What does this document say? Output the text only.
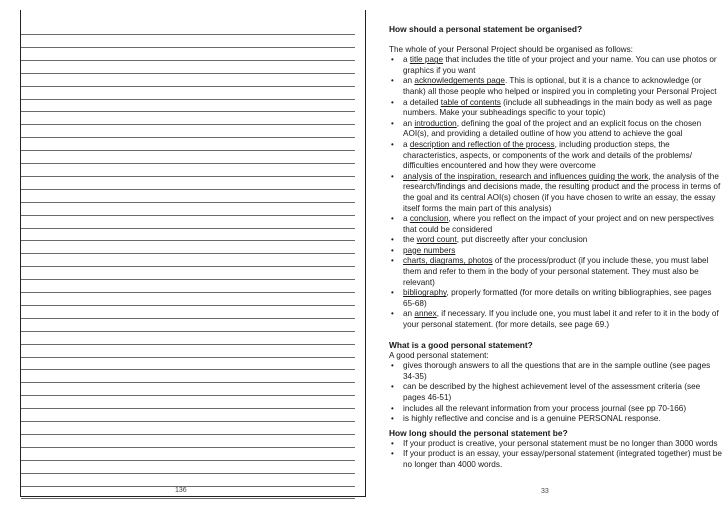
136
How should a personal statement be organised?
The whole of your Personal Project should be organised as follows:
• a title page that includes the title of your project and your name. You can use photos or graphics if you want
• an acknowledgements page. This is optional, but it is a chance to acknowledge (or thank) all those people who helped or inspired you in completing your Personal Project
• a detailed table of contents (include all subheadings in the main body as well as page numbers. Make your subheadings specific to your topic)
• an introduction, defining the goal of the project and an explicit focus on the chosen AOI(s), and providing a detailed outline of how you attend to achieve the goal
• a description and reflection of the process, including production steps, the characteristics, aspects, or components of the work and details of the problems/ difficulties encountered and how they were overcome
• analysis of the inspiration, research and influences guiding the work, the analysis of the research/findings and decisions made, the resulting product and the process in terms of the goal and its central AOI(s) chosen (if you have chosen to write an essay, the essay itself forms the main part of this analysis)
• a conclusion, where you reflect on the impact of your project and on new perspectives that could be considered
• the word count, put discreetly after your conclusion
• page numbers
• charts, diagrams, photos of the process/product (if you include these, you must label them and refer to them in the body of your personal statement. They must also be relevant)
• bibliography, properly formatted (for more details on writing bibliographies, see pages 65-68)
• an annex, if necessary. If you include one, you must label it and refer to it in the body of your personal statement. (for more details, see page 69.)
What is a good personal statement?
A good personal statement:
• gives thorough answers to all the questions that are in the sample outline (see pages 34-35)
• can be described by the highest achievement level of the assessment criteria (see pages 46-51)
• includes all the relevant information from your process journal (see pp 70-166)
• is highly reflective and concise and is a genuine PERSONAL response.
How long should the personal statement be?
• If your product is creative, your personal statement must be no longer than 3000 words
• If your product is an essay, your essay/personal statement (integrated together) must be no longer than 4000 words.
33
